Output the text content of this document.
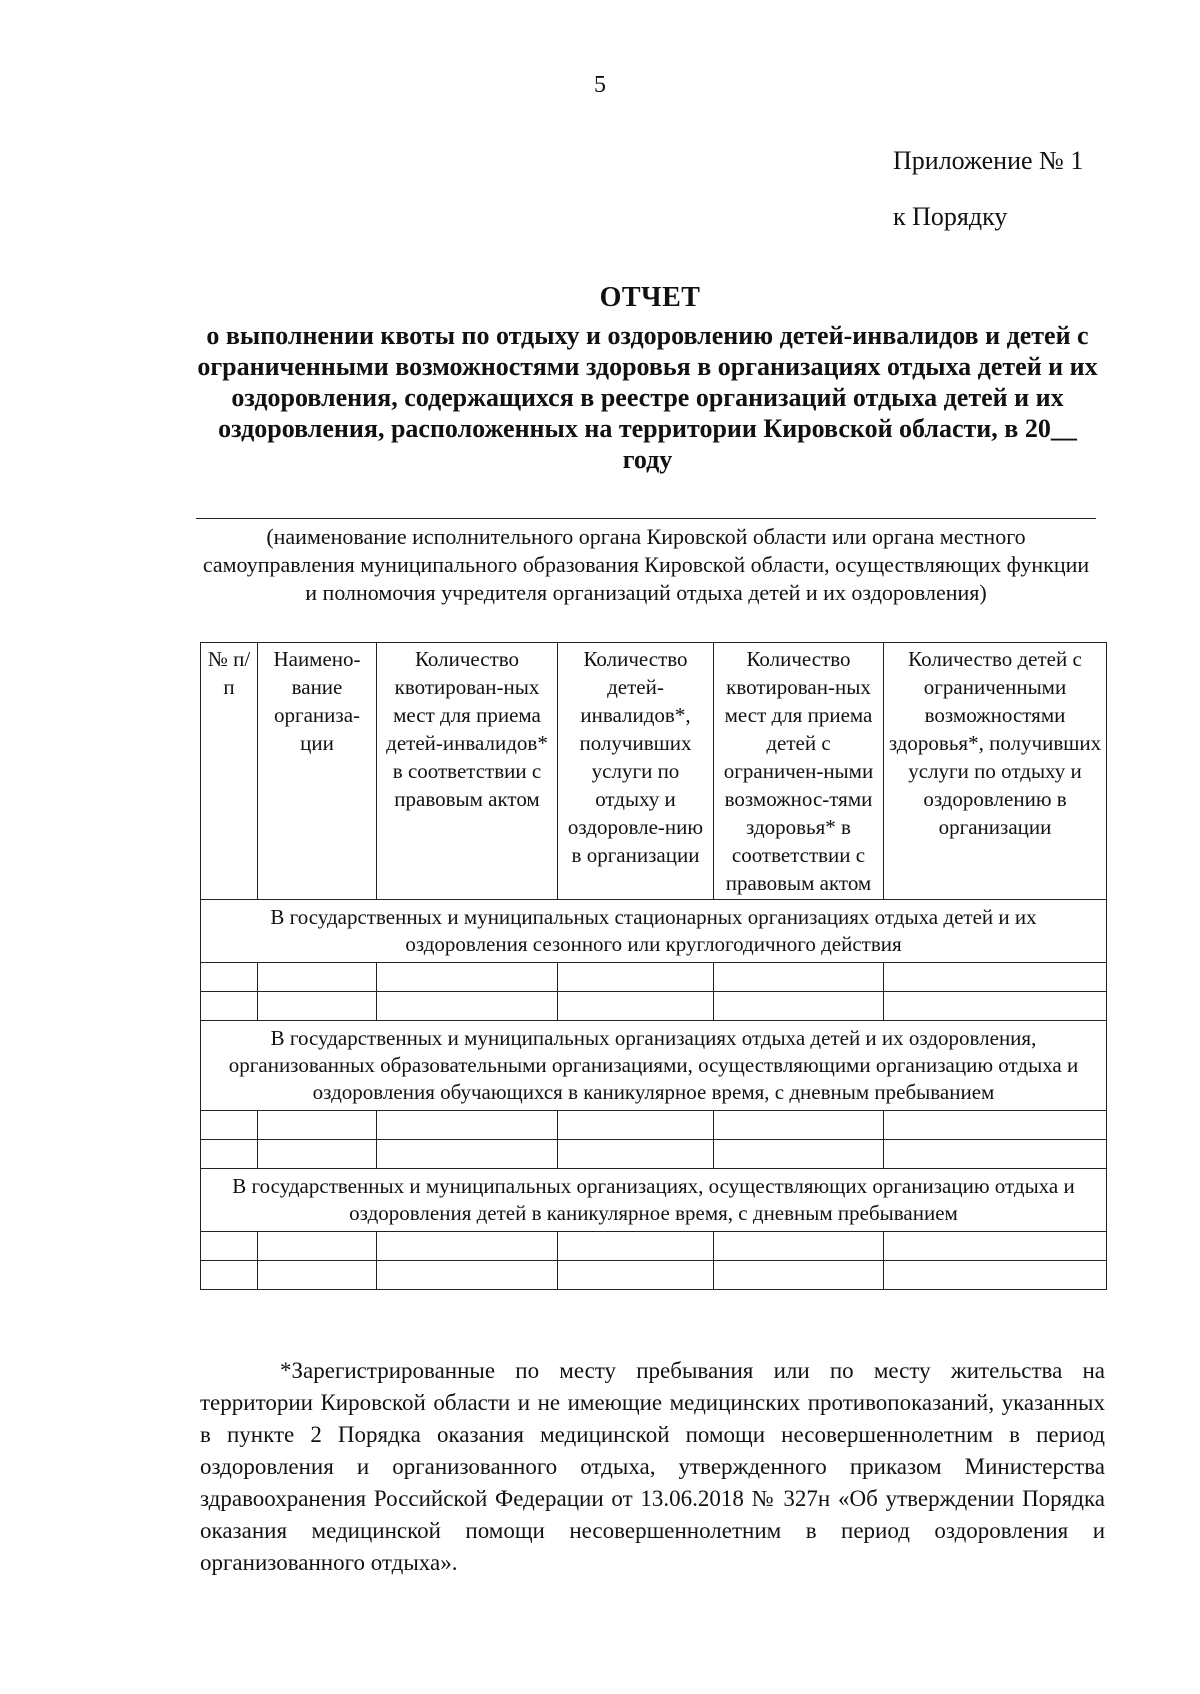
5
Приложение № 1
к Порядку
ОТЧЕТ
о выполнении квоты по отдыху и оздоровлению детей-инвалидов и детей с ограниченными возможностями здоровья в организациях отдыха детей и их оздоровления, содержащихся в реестре организаций отдыха детей и их оздоровления, расположенных на территории Кировской области, в 20__ году
(наименование исполнительного органа Кировской области или органа местного самоуправления муниципального образования Кировской области, осуществляющих функции и полномочия учредителя организаций отдыха детей и их оздоровления)
№ п/п	Наимено-вание организа-ции	Количество квотирован-ных мест для приема детей-инвалидов* в соответствии с правовым актом	Количество детей-инвалидов*, получивших услуги по отдыху и оздоровле-нию в организации	Количество квотирован-ных мест для приема детей с ограничен-ными возможнос-тями здоровья* в соответствии с правовым актом	Количество детей с ограниченными возможностями здоровья*, получивших услуги по отдыху и оздоровлению в организации
В государственных и муниципальных стационарных организациях отдыха детей и их оздоровления сезонного или круглогодичного действия					

В государственных и муниципальных организациях отдыха детей и их оздоровления, организованных образовательными организациями, осуществляющими организацию отдыха и оздоровления обучающихся в каникулярное время, с дневным пребыванием					

В государственных и муниципальных организациях, осуществляющих организацию отдыха и оздоровления детей в каникулярное время, с дневным пребыванием					

*Зарегистрированные по месту пребывания или по месту жительства на территории Кировской области и не имеющие медицинских противопоказаний, указанных в пункте 2 Порядка оказания медицинской помощи несовершеннолетним в период оздоровления и организованного отдыха, утвержденного приказом Министерства здравоохранения Российской Федерации от 13.06.2018 № 327н «Об утверждении Порядка оказания медицинской помощи несовершеннолетним в период оздоровления и организованного отдыха».
